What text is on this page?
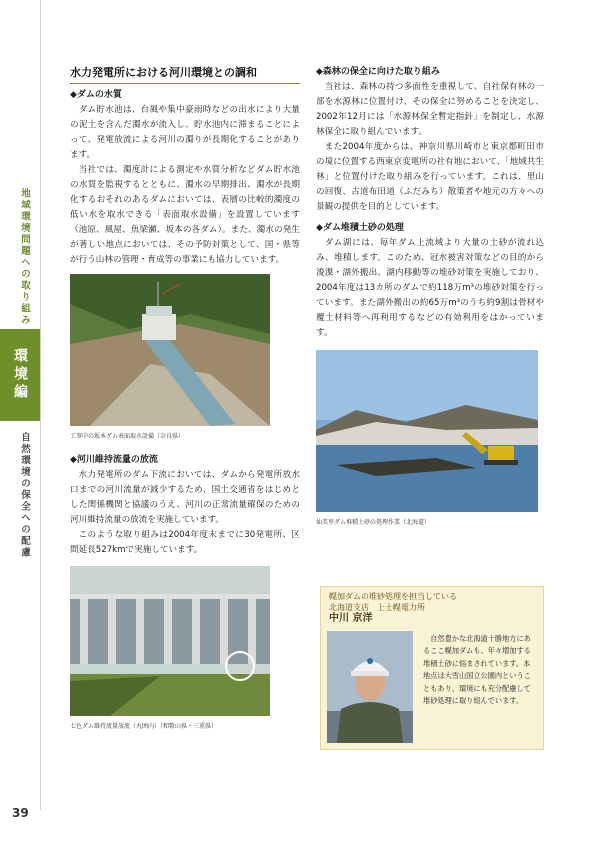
地域環境問題への取り組み
環境編
自然環境の保全への配慮
39
水力発電所における河川環境との調和
◆ダムの水質

ダム貯水池は、台風や集中豪雨時などの出水により大量の泥土を含んだ濁水が流入し、貯水池内に滞まることによって、発電放流による河川の濁りが長期化することがあります。

当社では、濁度計による測定や水質分析などダム貯水池の水質を監視するとともに、濁水の早期排出、濁水が長期化するおそれのあるダムにおいては、表層の比較的濁度の低い水を取水できる「表面取水設備」を設置しています（池原、風屋、魚梁瀬、坂本の各ダム）。また、濁水の発生が著しい地点においては、その予防対策として、国・県等が行う山林の管理・育成等の事業にも協力しています。

工事中の坂本ダム表面取水設備（奈良県）
◆河川維持流量の放流

水力発電所のダム下流においては、ダムから発電所放水口までの河川流量が減少するため、国土交通省をはじめとした関係機関と協議のうえ、河川の正常流量確保のための河川維持流量の放流を実施しています。

このような取り組みは2004年度末までに30発電所、区間延長527kmで実施しています。

七色ダム維持流量放流（丸囲内）（和歌山県・三重県）
◆森林の保全に向けた取り組み

当社は、森林の持つ多面性を重視して、自社保有林の一部を水源林に位置付け、その保全に努めることを決定し、2002年12月には「水源林保全暫定指針」を制定し、水源林保全に取り組んでいます。

また2004年度からは、神奈川県川崎市と東京都町田市の境に位置する西東京変電所の社有地において、「地域共生林」と位置付けた取り組みを行っています。これは、里山の回復、古道布田道（ふだみち）散策者や地元の方々への景観の提供を目的としています。

◆ダム堆積土砂の処理

ダム湖には、毎年ダム上流域より大量の土砂が流れ込み、堆積します。このため、冠水被害対策などの目的から浚渫・湖外搬出、湖内移動等の堆砂対策を実施しており、2004年度は13カ所のダムで約118万m³の堆砂対策を行っています。また湖外搬出の約65万m³のうち約9割は骨材や覆土材料等へ再利用するなどの有効利用をはかっています。

仙美里ダム堆積土砂の処理作業（北海道）
幌加ダムの堆砂処理を担当している
北海道支店　上士幌電力所
中川 京洋
自然豊かな北海道十勝地方にあるここ幌加ダムも、年々増加する堆積土砂に悩まされています。本地点は大雪山国立公園内ということもあり、環境にも充分配慮して堆砂処理に取り組んでいます。
